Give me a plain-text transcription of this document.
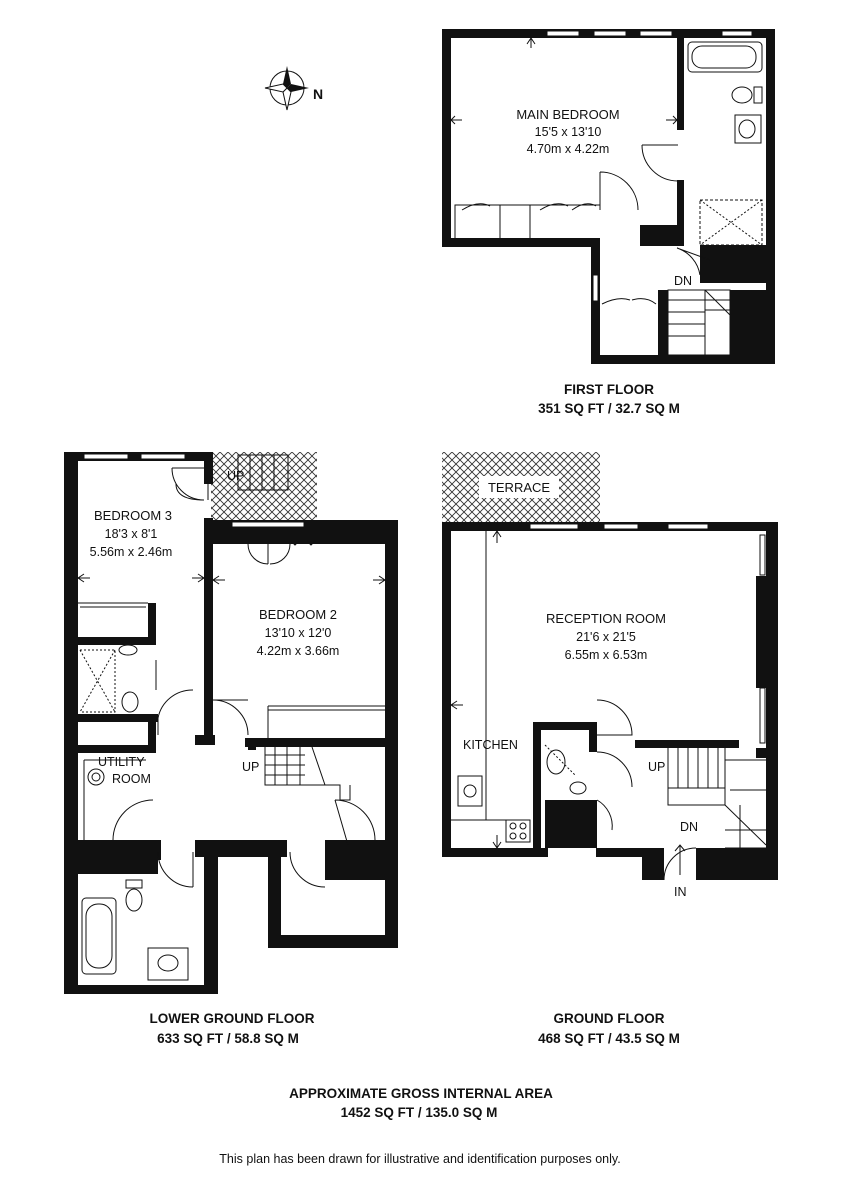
N
MAIN BEDROOM
15'5 x 13'10
4.70m x 4.22m
DN
FIRST FLOOR
351 SQ FT / 32.7 SQ M
UP
BEDROOM 3
18'3 x 8'1
5.56m x 2.46m
BEDROOM 2
13'10 x 12'0
4.22m x 3.66m
UTILITY
ROOM
UP
LOWER GROUND FLOOR
633 SQ FT / 58.8 SQ M
TERRACE
RECEPTION ROOM
21'6 x 21'5
6.55m x 6.53m
KITCHEN
UP
DN
IN
GROUND FLOOR
468 SQ FT / 43.5 SQ M
APPROXIMATE GROSS INTERNAL AREA
1452 SQ FT / 135.0 SQ M
This plan has been drawn for illustrative and identification purposes only.
